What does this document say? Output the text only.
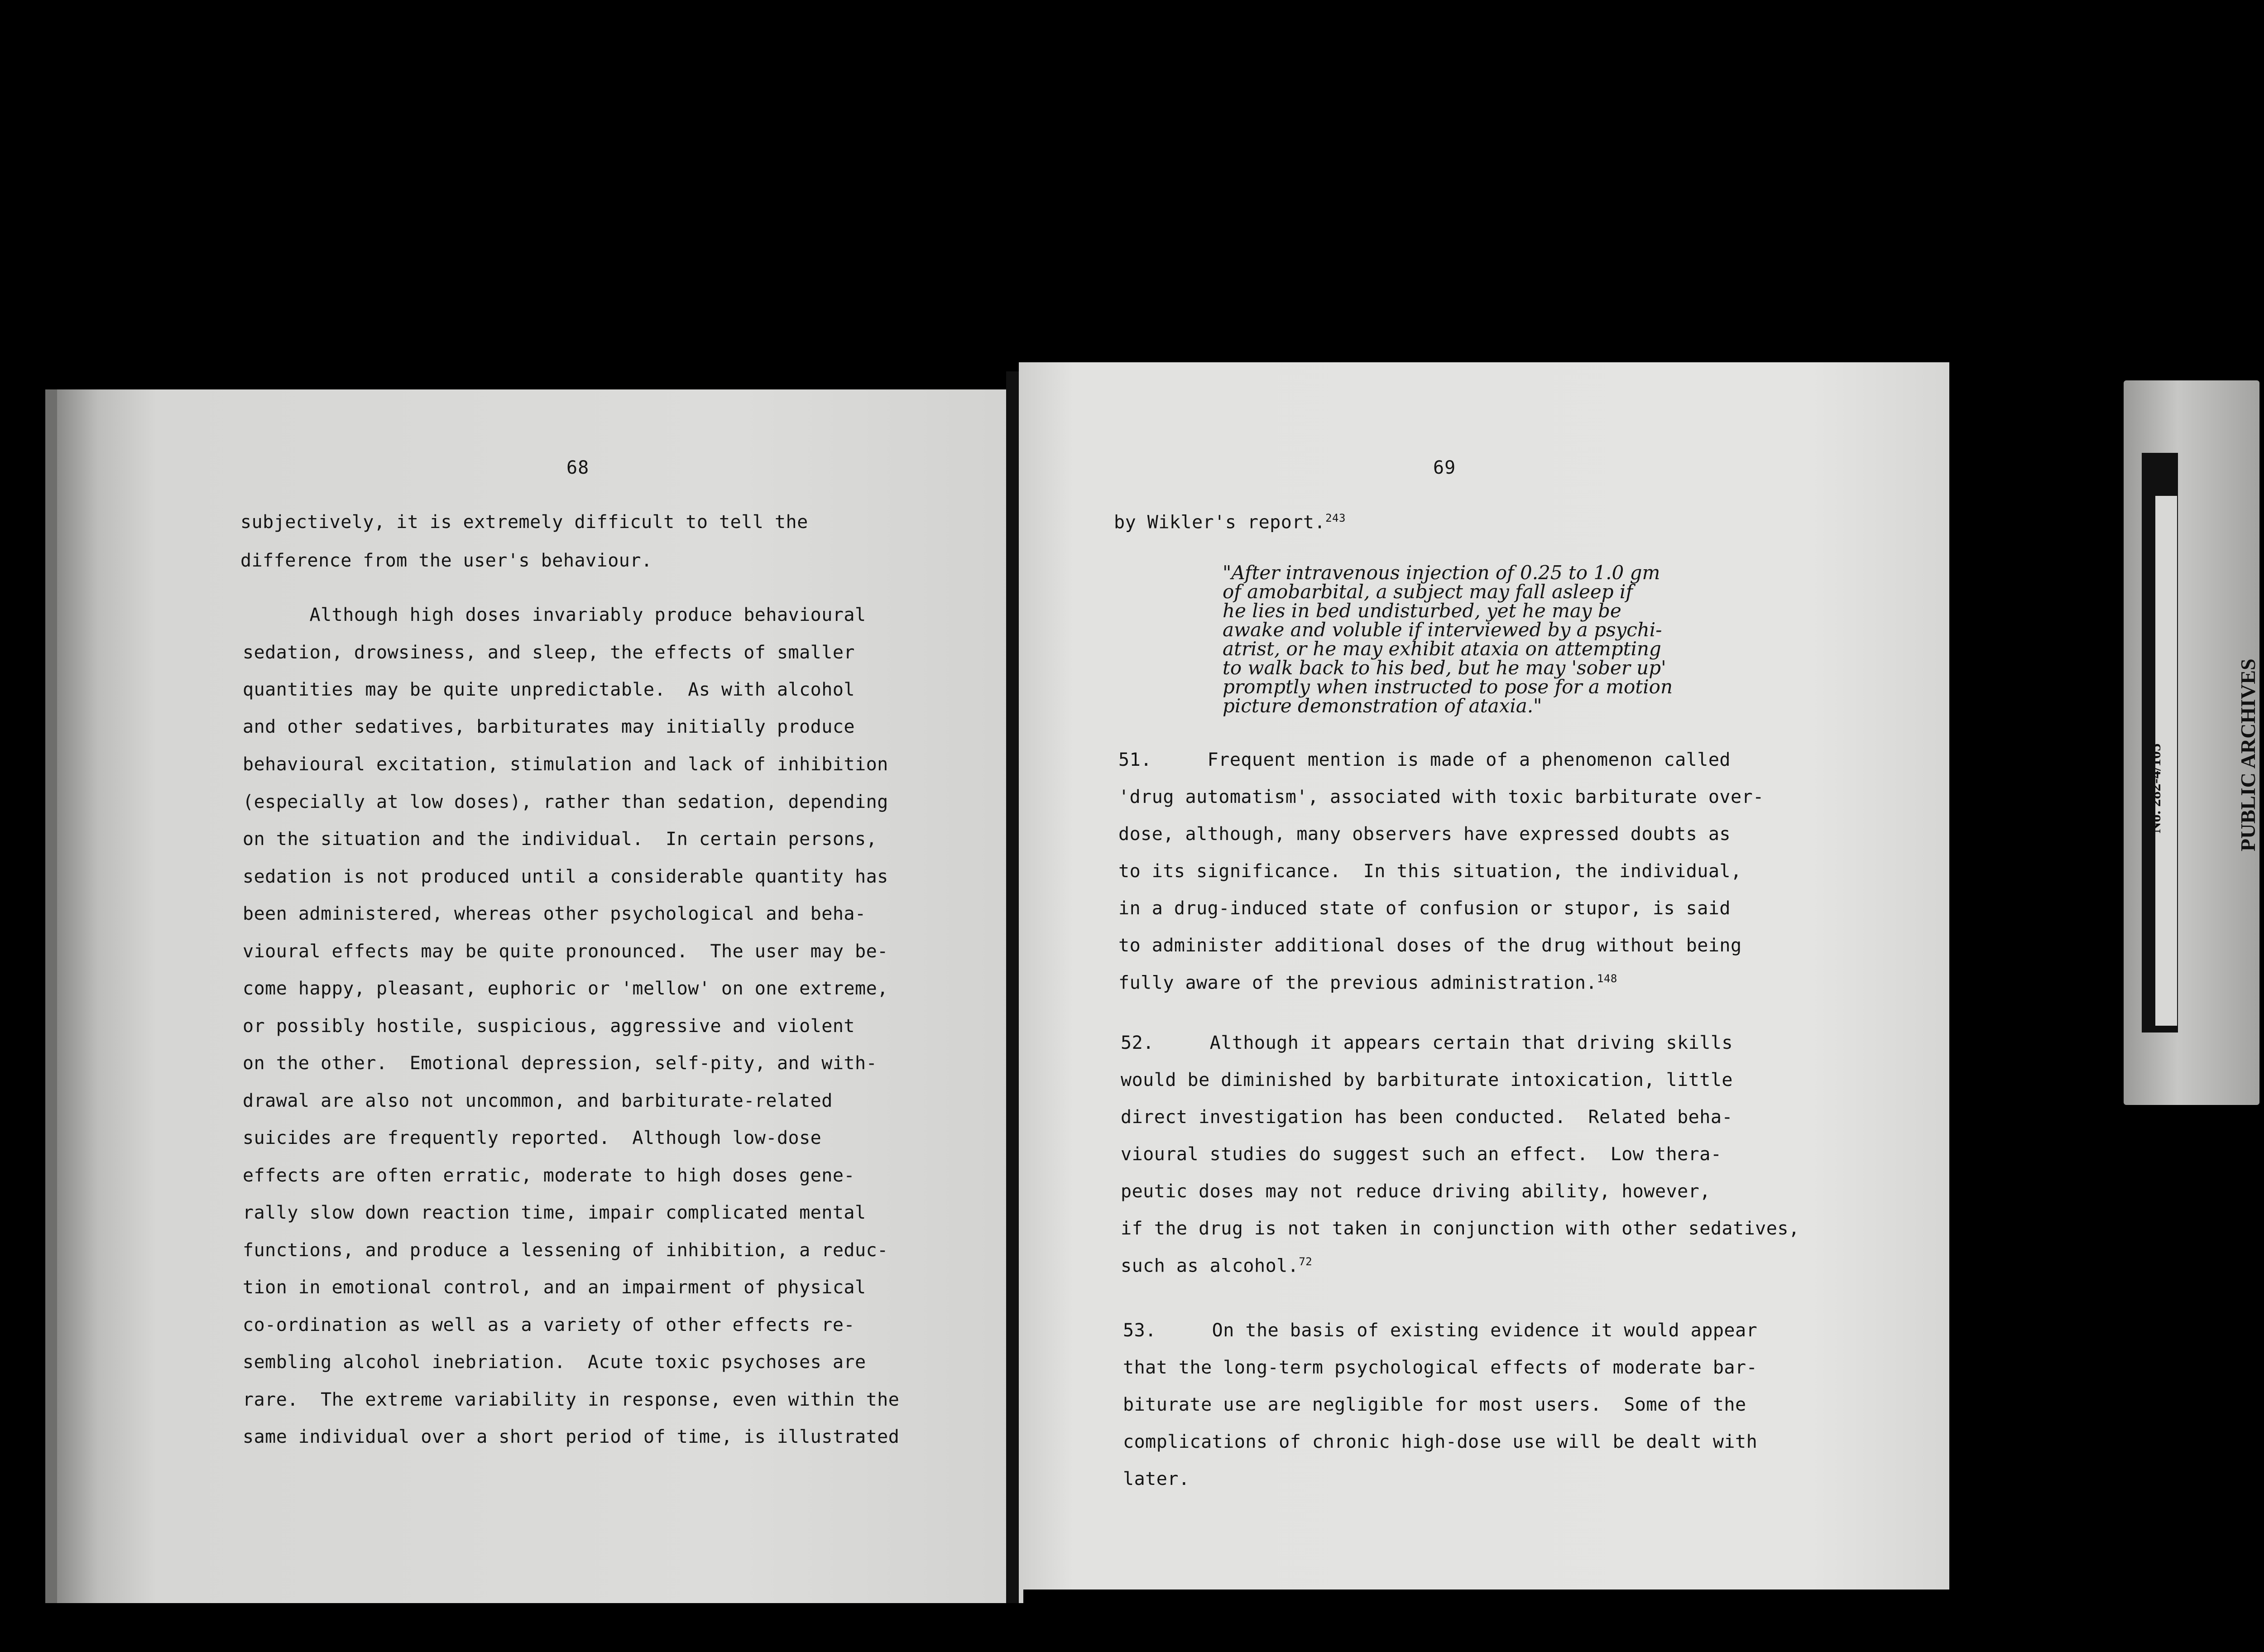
68
subjectively, it is extremely difficult to tell the
difference from the user's behaviour.
Although high doses invariably produce behavioural
sedation, drowsiness, and sleep, the effects of smaller
quantities may be quite unpredictable.  As with alcohol
and other sedatives, barbiturates may initially produce
behavioural excitation, stimulation and lack of inhibition
(especially at low doses), rather than sedation, depending
on the situation and the individual.  In certain persons,
sedation is not produced until a considerable quantity has
been administered, whereas other psychological and beha-
vioural effects may be quite pronounced.  The user may be-
come happy, pleasant, euphoric or 'mellow' on one extreme,
or possibly hostile, suspicious, aggressive and violent
on the other.  Emotional depression, self-pity, and with-
drawal are also not uncommon, and barbiturate-related
suicides are frequently reported.  Although low-dose
effects are often erratic, moderate to high doses gene-
rally slow down reaction time, impair complicated mental
functions, and produce a lessening of inhibition, a reduc-
tion in emotional control, and an impairment of physical
co-ordination as well as a variety of other effects re-
sembling alcohol inebriation.  Acute toxic psychoses are
rare.  The extreme variability in response, even within the
same individual over a short period of time, is illustrated
69
by Wikler's report.$^{243}$
"After intravenous injection of 0.25 to 1.0 gm
of amobarbital, a subject may fall asleep if
he lies in bed undisturbed, yet he may be
awake and voluble if interviewed by a psychi-
atrist, or he may exhibit ataxia on attempting
to walk back to his bed, but he may 'sober up'
promptly when instructed to pose for a motion
picture demonstration of ataxia."
51.     Frequent mention is made of a phenomenon called
'drug automatism', associated with toxic barbiturate over-
dose, although, many observers have expressed doubts as
to its significance.  In this situation, the individual,
in a drug-induced state of confusion or stupor, is said
to administer additional doses of the drug without being
fully aware of the previous administration.$^{148}$
52.     Although it appears certain that driving skills
would be diminished by barbiturate intoxication, little
direct investigation has been conducted.  Related beha-
vioural studies do suggest such an effect.  Low thera-
peutic doses may not reduce driving ability, however,
if the drug is not taken in conjunction with other sedatives,
such as alcohol.$^{72}$
53.     On the basis of existing evidence it would appear
that the long-term psychological effects of moderate bar-
biturate use are negligible for most users.  Some of the
complications of chronic high-dose use will be dealt with
later.

PUBLIC ARCHIVES

No. 282-4/105
